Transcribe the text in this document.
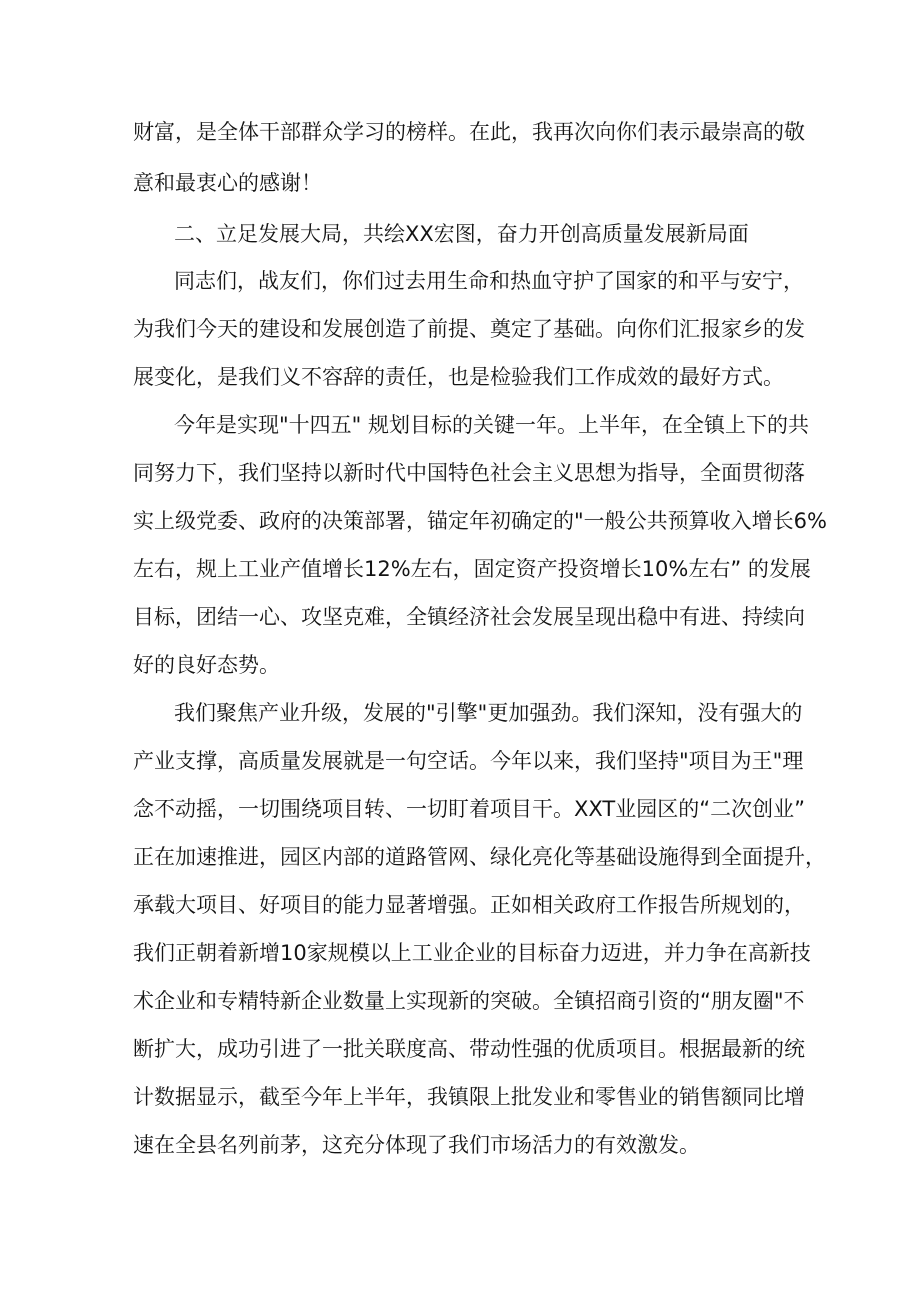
财富，是全体干部群众学习的榜样。在此，我再次向你们表示最崇高的敬
意和最衷心的感谢！
二、立足发展大局，共绘XX宏图，奋力开创高质量发展新局面
同志们，战友们，你们过去用生命和热血守护了国家的和平与安宁，
为我们今天的建设和发展创造了前提、奠定了基础。向你们汇报家乡的发
展变化，是我们义不容辞的责任，也是检验我们工作成效的最好方式。
今年是实现"十四五" 规划目标的关键一年。上半年，在全镇上下的共
同努力下，我们坚持以新时代中国特色社会主义思想为指导，全面贯彻落
实上级党委、政府的决策部署，锚定年初确定的"一般公共预算收入增长6%
左右，规上工业产值增长12%左右，固定资产投资增长10%左右” 的发展
目标，团结一心、攻坚克难，全镇经济社会发展呈现出稳中有进、持续向
好的良好态势。
我们聚焦产业升级，发展的"引擎"更加强劲。我们深知，没有强大的
产业支撑，高质量发展就是一句空话。今年以来，我们坚持"项目为王"理
念不动摇，一切围绕项目转、一切盯着项目干。XXT业园区的“二次创业”
正在加速推进，园区内部的道路管网、绿化亮化等基础设施得到全面提升，
承载大项目、好项目的能力显著增强。正如相关政府工作报告所规划的，
我们正朝着新增10家规模以上工业企业的目标奋力迈进，并力争在高新技
术企业和专精特新企业数量上实现新的突破。全镇招商引资的“朋友圈"不
断扩大，成功引进了一批关联度高、带动性强的优质项目。根据最新的统
计数据显示，截至今年上半年，我镇限上批发业和零售业的销售额同比增
速在全县名列前茅，这充分体现了我们市场活力的有效激发。
